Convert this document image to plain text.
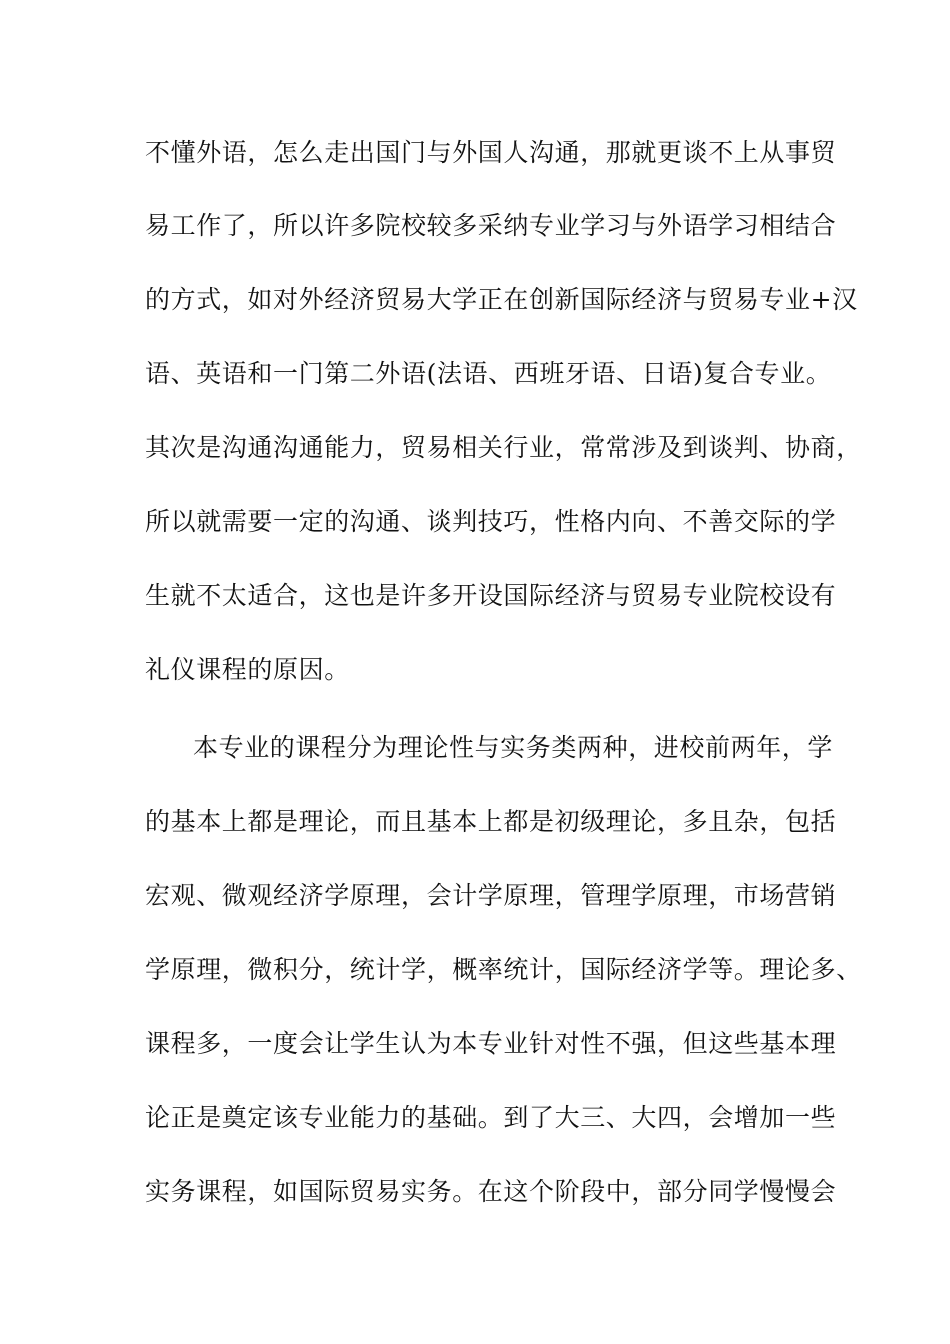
不懂外语，怎么走出国门与外国人沟通，那就更谈不上从事贸
易工作了，所以许多院校较多采纳专业学习与外语学习相结合
的方式，如对外经济贸易大学正在创新国际经济与贸易专业+汉
语、英语和一门第二外语(法语、西班牙语、日语)复合专业。
其次是沟通沟通能力，贸易相关行业，常常涉及到谈判、协商，
所以就需要一定的沟通、谈判技巧，性格内向、不善交际的学
生就不太适合，这也是许多开设国际经济与贸易专业院校设有
礼仪课程的原因。
本专业的课程分为理论性与实务类两种，进校前两年，学
的基本上都是理论，而且基本上都是初级理论，多且杂，包括
宏观、微观经济学原理，会计学原理，管理学原理，市场营销
学原理，微积分，统计学，概率统计，国际经济学等。理论多、
课程多，一度会让学生认为本专业针对性不强，但这些基本理
论正是奠定该专业能力的基础。到了大三、大四，会增加一些
实务课程，如国际贸易实务。在这个阶段中，部分同学慢慢会
